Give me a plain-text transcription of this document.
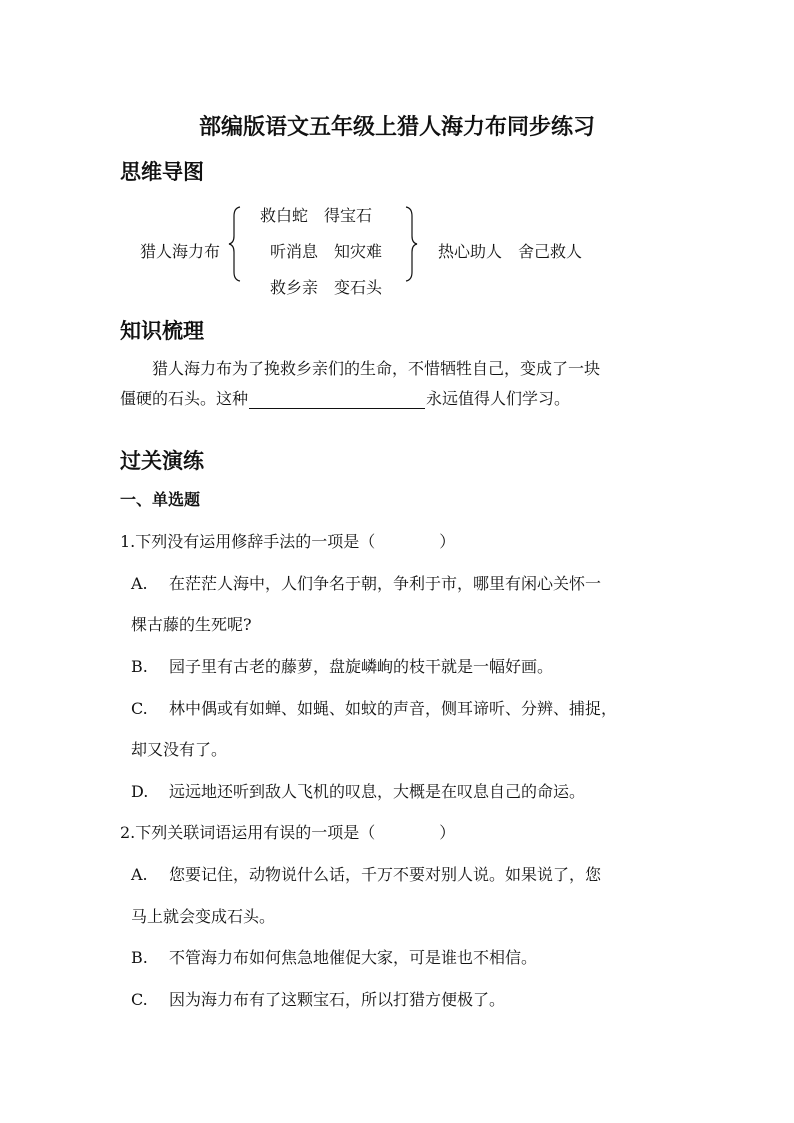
部编版语文五年级上猎人海力布同步练习
思维导图
猎人海力布
救白蛇　得宝石
听消息　知灾难
救乡亲　变石头
热心助人　舍己救人
知识梳理
猎人海力布为了挽救乡亲们的生命，不惜牺牲自己，变成了一块
僵硬的石头。这种	永远值得人们学习。
过关演练
一、单选题
1.下列没有运用修辞手法的一项是（　　　　）
A. 在茫茫人海中，人们争名于朝，争利于市，哪里有闲心关怀一
棵古藤的生死呢?
B. 园子里有古老的藤萝，盘旋嶙峋的枝干就是一幅好画。
C. 林中偶或有如蝉、如蝇、如蚊的声音，侧耳谛听、分辨、捕捉，
却又没有了。
D. 远远地还听到敌人飞机的叹息，大概是在叹息自己的命运。
2.下列关联词语运用有误的一项是（　　　　）
A. 您要记住，动物说什么话，千万不要对别人说。如果说了，您
马上就会变成石头。
B. 不管海力布如何焦急地催促大家，可是谁也不相信。
C. 因为海力布有了这颗宝石，所以打猎方便极了。
